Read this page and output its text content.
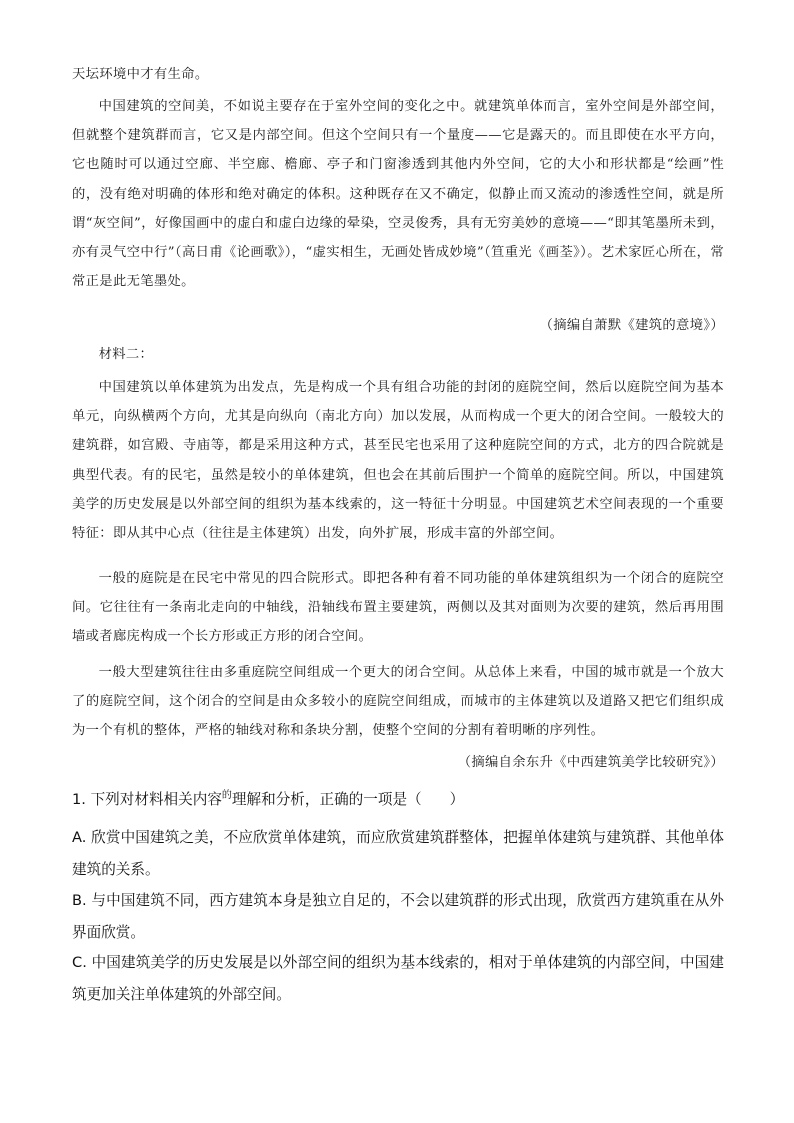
天坛环境中才有生命。

中国建筑的空间美，不如说主要存在于室外空间的变化之中。就建筑单体而言，室外空间是外部空间，但就整个建筑群而言，它又是内部空间。但这个空间只有一个量度——它是露天的。而且即使在水平方向，它也随时可以通过空廊、半空廊、檐廊、亭子和门窗渗透到其他内外空间，它的大小和形状都是“绘画”性的，没有绝对明确的体形和绝对确定的体积。这种既存在又不确定，似静止而又流动的渗透性空间，就是所谓“灰空间”，好像国画中的虚白和虚白边缘的晕染，空灵俊秀，具有无穷美妙的意境——“即其笔墨所未到，亦有灵气空中行”（高日甫《论画歌》），“虚实相生，无画处皆成妙境”（笪重光《画荃》）。艺术家匠心所在，常常正是此无笔墨处。

（摘编自萧默《建筑的意境》）

材料二：

中国建筑以单体建筑为出发点，先是构成一个具有组合功能的封闭的庭院空间，然后以庭院空间为基本单元，向纵横两个方向，尤其是向纵向（南北方向）加以发展，从而构成一个更大的闭合空间。一般较大的建筑群，如宫殿、寺庙等，都是采用这种方式，甚至民宅也采用了这种庭院空间的方式，北方的四合院就是典型代表。有的民宅，虽然是较小的单体建筑，但也会在其前后围护一个简单的庭院空间。所以，中国建筑美学的历史发展是以外部空间的组织为基本线索的，这一特征十分明显。中国建筑艺术空间表现的一个重要特征：即从其中心点（往往是主体建筑）出发，向外扩展，形成丰富的外部空间。

一般的庭院是在民宅中常见的四合院形式。即把各种有着不同功能的单体建筑组织为一个闭合的庭院空间。它往往有一条南北走向的中轴线，沿轴线布置主要建筑，两侧以及其对面则为次要的建筑，然后再用围墙或者廊庑构成一个长方形或正方形的闭合空间。

一般大型建筑往往由多重庭院空间组成一个更大的闭合空间。从总体上来看，中国的城市就是一个放大了的庭院空间，这个闭合的空间是由众多较小的庭院空间组成，而城市的主体建筑以及道路又把它们组织成为一个有机的整体，严格的轴线对称和条块分割，使整个空间的分割有着明晰的序列性。

（摘编自余东升《中西建筑美学比较研究》）

1. 下列对材料相关内容$^的$理解和分析，正确的一项是（ ）

A. 欣赏中国建筑之美，不应欣赏单体建筑，而应欣赏建筑群整体，把握单体建筑与建筑群、其他单体建筑的关系。

B. 与中国建筑不同，西方建筑本身是独立自足的，不会以建筑群的形式出现，欣赏西方建筑重在从外界面欣赏。

C. 中国建筑美学的历史发展是以外部空间的组织为基本线索的，相对于单体建筑的内部空间，中国建筑更加关注单体建筑的外部空间。
